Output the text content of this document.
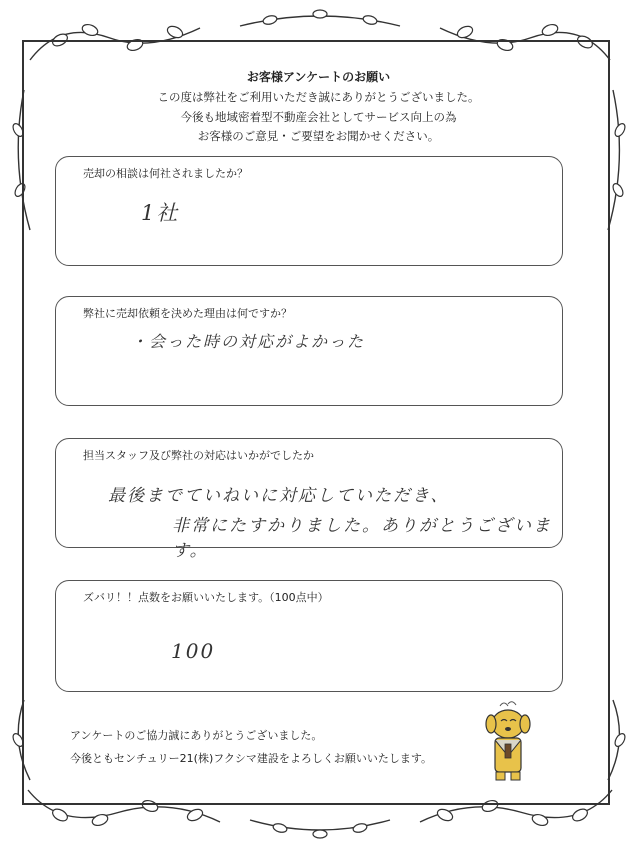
お客様アンケートのお願い
この度は弊社をご利用いただき誠にありがとうございました。
今後も地域密着型不動産会社としてサービス向上の為
お客様のご意見・ご要望をお聞かせください。
売却の相談は何社されましたか？
1社
弊社に売却依頼を決めた理由は何ですか？
・会った時の対応がよかった
担当スタッフ及び弊社の対応はいかがでしたか
最後までていねいに対応していただき、
非常にたすかりました。ありがとうございます。
ズバリ！！点数をお願いいたします。（100点中）
100
アンケートのご協力誠にありがとうございました。
今後ともセンチュリー21(株)フクシマ建設をよろしくお願いいたします。
